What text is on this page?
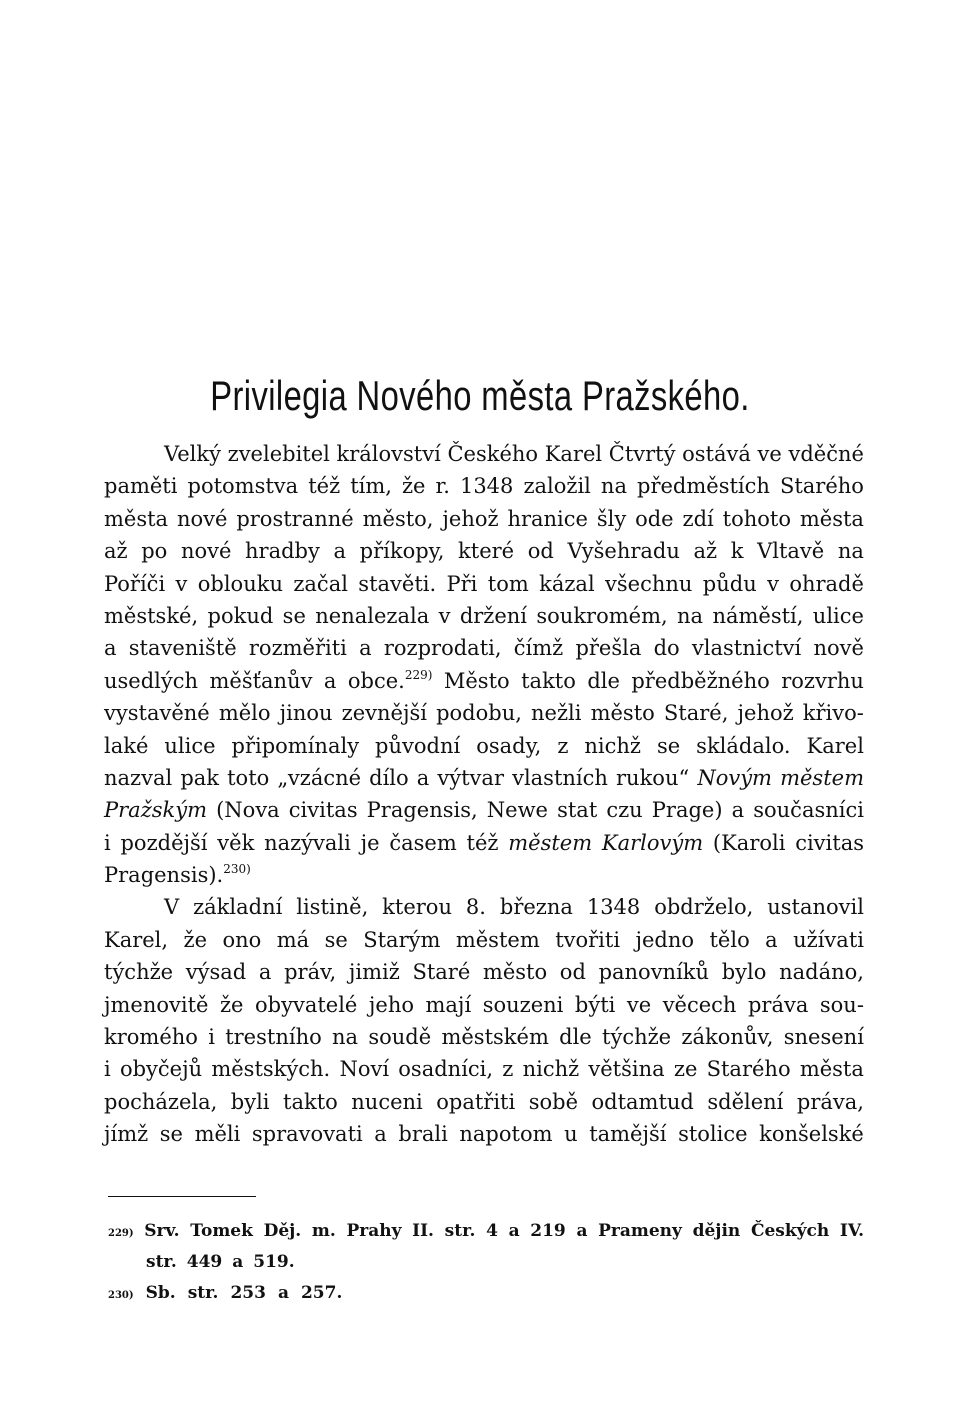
Privilegia Nového města Pražského.
Velký zvelebitel království Českého Karel Čtvrtý ostává ve vděčné
paměti potomstva též tím, že r. 1348 založil na předměstích Starého
města nové prostranné město, jehož hranice šly ode zdí tohoto města
až po nové hradby a příkopy, které od Vyšehradu až k Vltavě na
Poříči v oblouku začal stavěti. Při tom kázal všechnu půdu v ohradě
městské, pokud se nenalezala v držení soukromém, na náměstí, ulice
a staveniště rozměřiti a rozprodati, čímž přešla do vlastnictví nově
usedlých měšťanův a obce.$^{229)}$ Město takto dle předběžného rozvrhu
vystavěné mělo jinou zevnější podobu, nežli město Staré, jehož křivo-
laké ulice připomínaly původní osady, z nichž se skládalo. Karel
nazval pak toto „vzácné dílo a výtvar vlastních rukou“ Novým městem
Pražským (Nova civitas Pragensis, Newe stat czu Prage) a současníci
i pozdější věk nazývali je časem též městem Karlovým (Karoli civitas
Pragensis).$^{230)}$
V základní listině, kterou 8. března 1348 obdrželo, ustanovil
Karel, že ono má se Starým městem tvořiti jedno tělo a užívati
týchže výsad a práv, jimiž Staré město od panovníků bylo nadáno,
jmenovitě že obyvatelé jeho mají souzeni býti ve věcech práva sou-
kromého i trestního na soudě městském dle týchže zákonův, snesení
i obyčejů městských. Noví osadníci, z nichž většina ze Starého města
pocházela, byli takto nuceni opatřiti sobě odtamtud sdělení práva,
jímž se měli spravovati a brali napotom u tamější stolice konšelské
229) Srv. Tomek Děj. m. Prahy II. str. 4 a 219 a Prameny dějin Českých IV.
str. 449 a 519.
230) Sb. str. 253 a 257.
